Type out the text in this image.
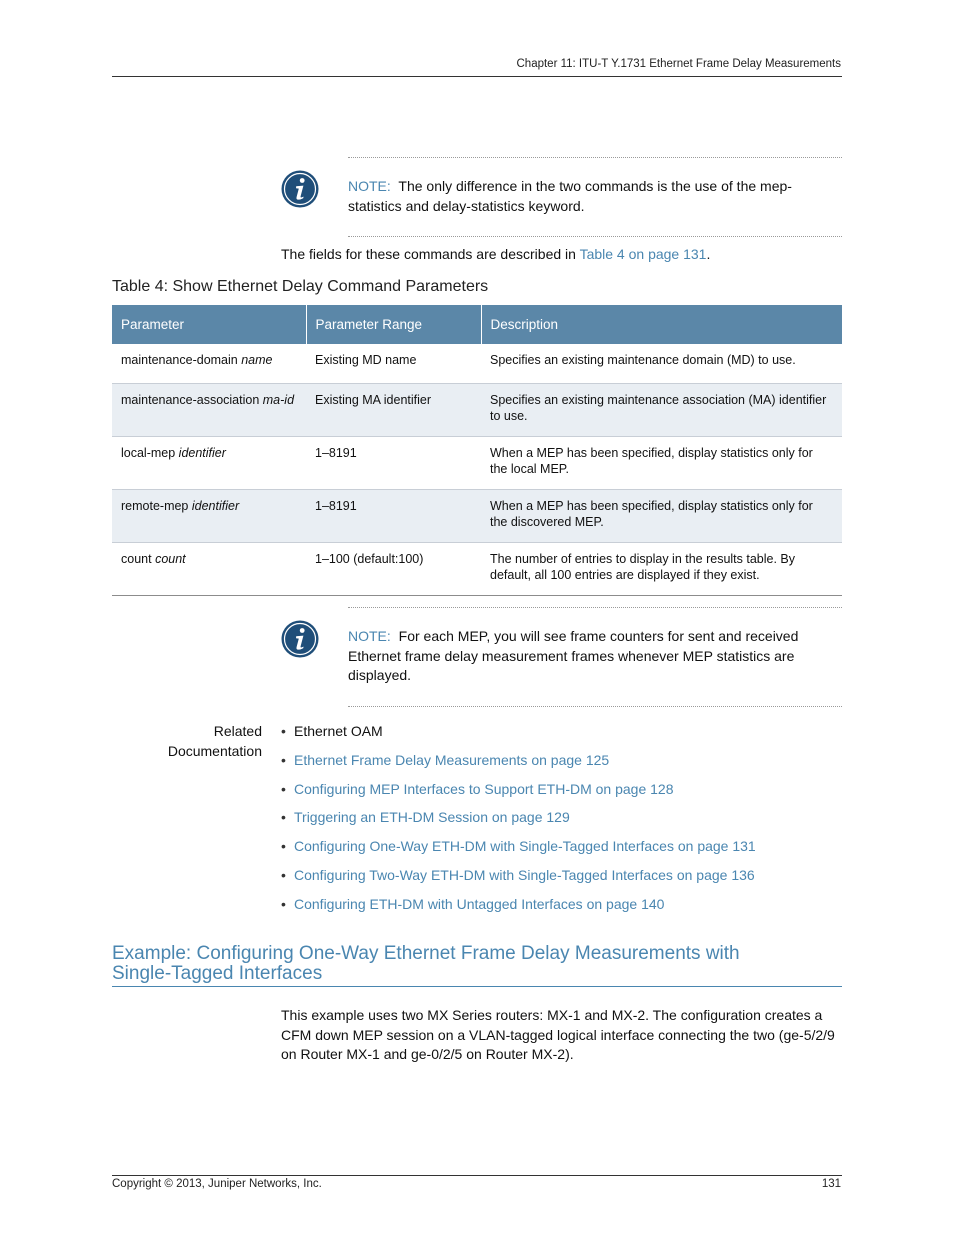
Chapter 11: ITU-T Y.1731 Ethernet Frame Delay Measurements
NOTE: The only difference in the two commands is the use of the mep-statistics and delay-statistics keyword.
The fields for these commands are described in Table 4 on page 131.
Table 4: Show Ethernet Delay Command Parameters
Parameter	Parameter Range	Description
maintenance-domain name	Existing MD name	Specifies an existing maintenance domain (MD) to use.
maintenance-association ma-id	Existing MA identifier	Specifies an existing maintenance association (MA) identifier to use.
local-mep identifier	1–8191	When a MEP has been specified, display statistics only for the local MEP.
remote-mep identifier	1–8191	When a MEP has been specified, display statistics only for the discovered MEP.
count count	1–100 (default:100)	The number of entries to display in the results table. By default, all 100 entries are displayed if they exist.
NOTE: For each MEP, you will see frame counters for sent and received Ethernet frame delay measurement frames whenever MEP statistics are displayed.
Related
Documentation
• Ethernet OAM
• Ethernet Frame Delay Measurements on page 125
• Configuring MEP Interfaces to Support ETH-DM on page 128
• Triggering an ETH-DM Session on page 129
• Configuring One-Way ETH-DM with Single-Tagged Interfaces on page 131
• Configuring Two-Way ETH-DM with Single-Tagged Interfaces on page 136
• Configuring ETH-DM with Untagged Interfaces on page 140
Example: Configuring One-Way Ethernet Frame Delay Measurements with
Single-Tagged Interfaces
This example uses two MX Series routers: MX-1 and MX-2. The configuration creates a CFM down MEP session on a VLAN-tagged logical interface connecting the two (ge-5/2/9 on Router MX-1 and ge-0/2/5 on Router MX-2).
Copyright © 2013, Juniper Networks, Inc.	131
